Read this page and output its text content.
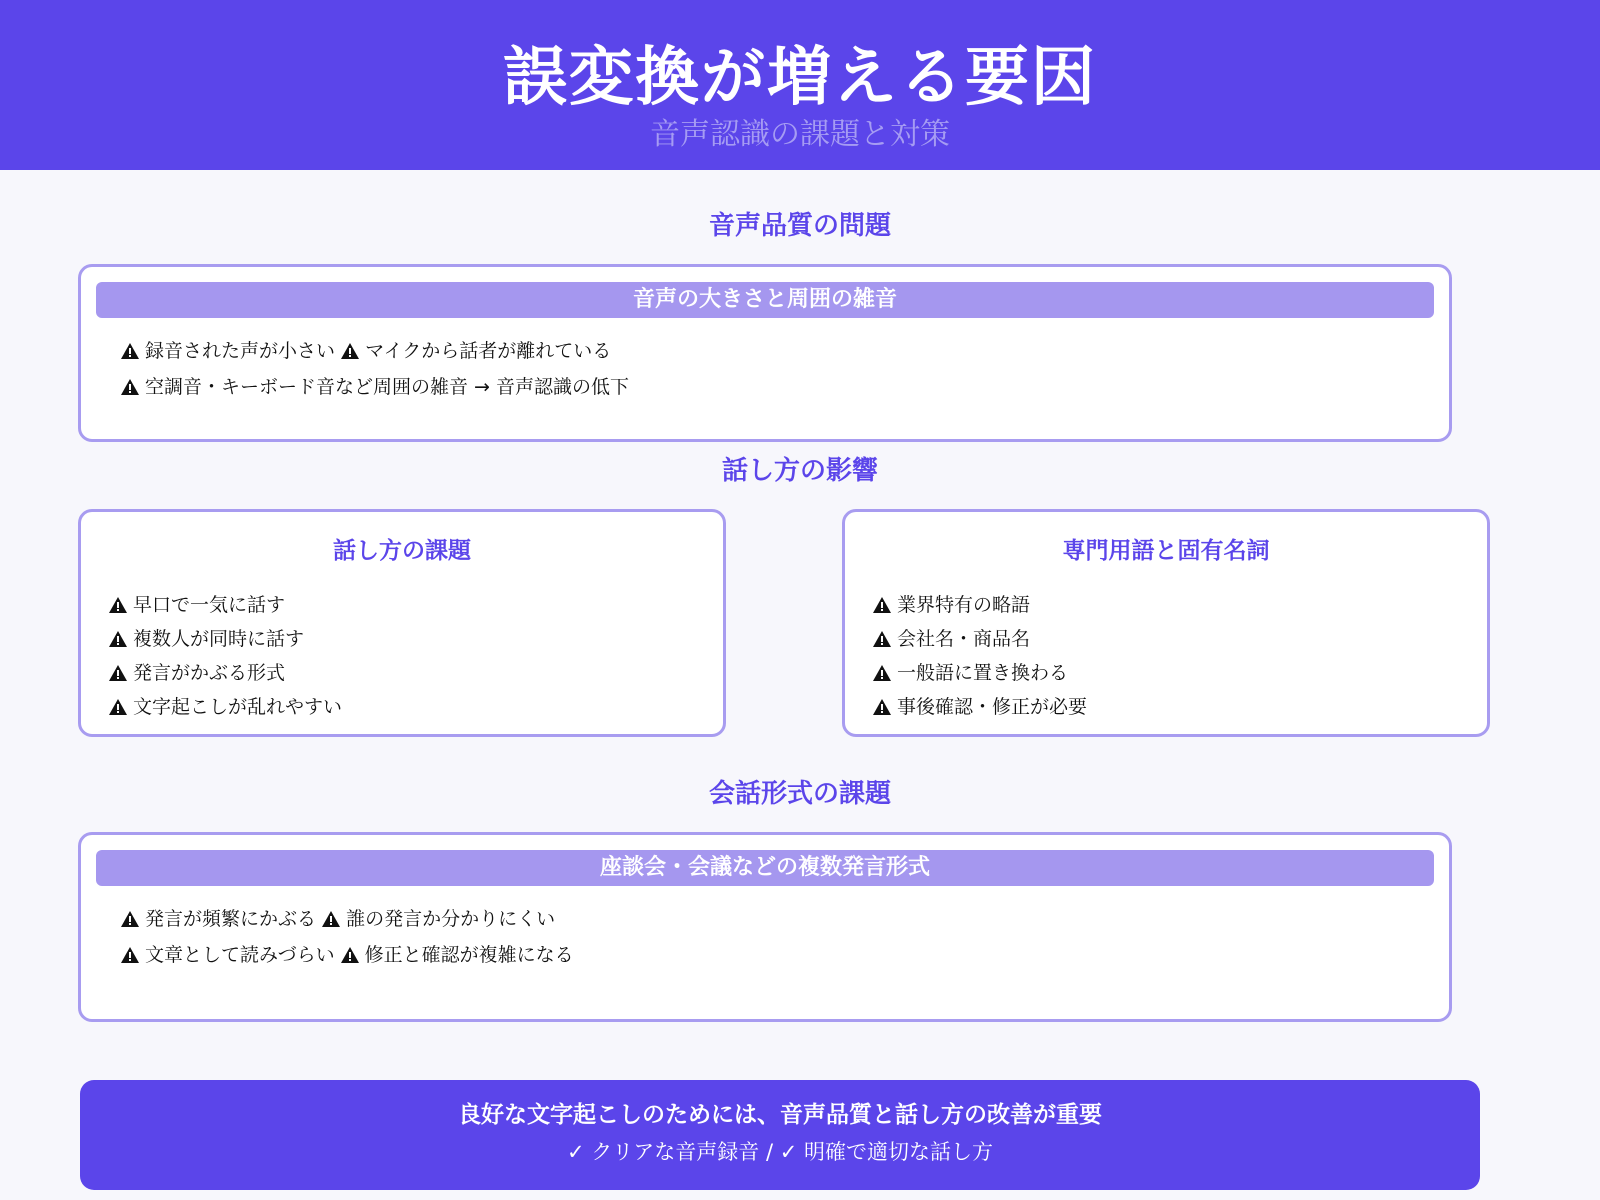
誤変換が増える要因
音声認識の課題と対策
音声品質の問題
音声の大きさと周囲の雑音
録音された声が小さい マイクから話者が離れている
空調音・キーボード音など周囲の雑音 → 音声認識の低下
話し方の影響
話し方の課題
早口で一気に話す
複数人が同時に話す
発言がかぶる形式
文字起こしが乱れやすい
専門用語と固有名詞
業界特有の略語
会社名・商品名
一般語に置き換わる
事後確認・修正が必要
会話形式の課題
座談会・会議などの複数発言形式
発言が頻繁にかぶる 誰の発言か分かりにくい
文章として読みづらい 修正と確認が複雑になる
良好な文字起こしのためには、音声品質と話し方の改善が重要
✓ クリアな音声録音 / ✓ 明確で適切な話し方
